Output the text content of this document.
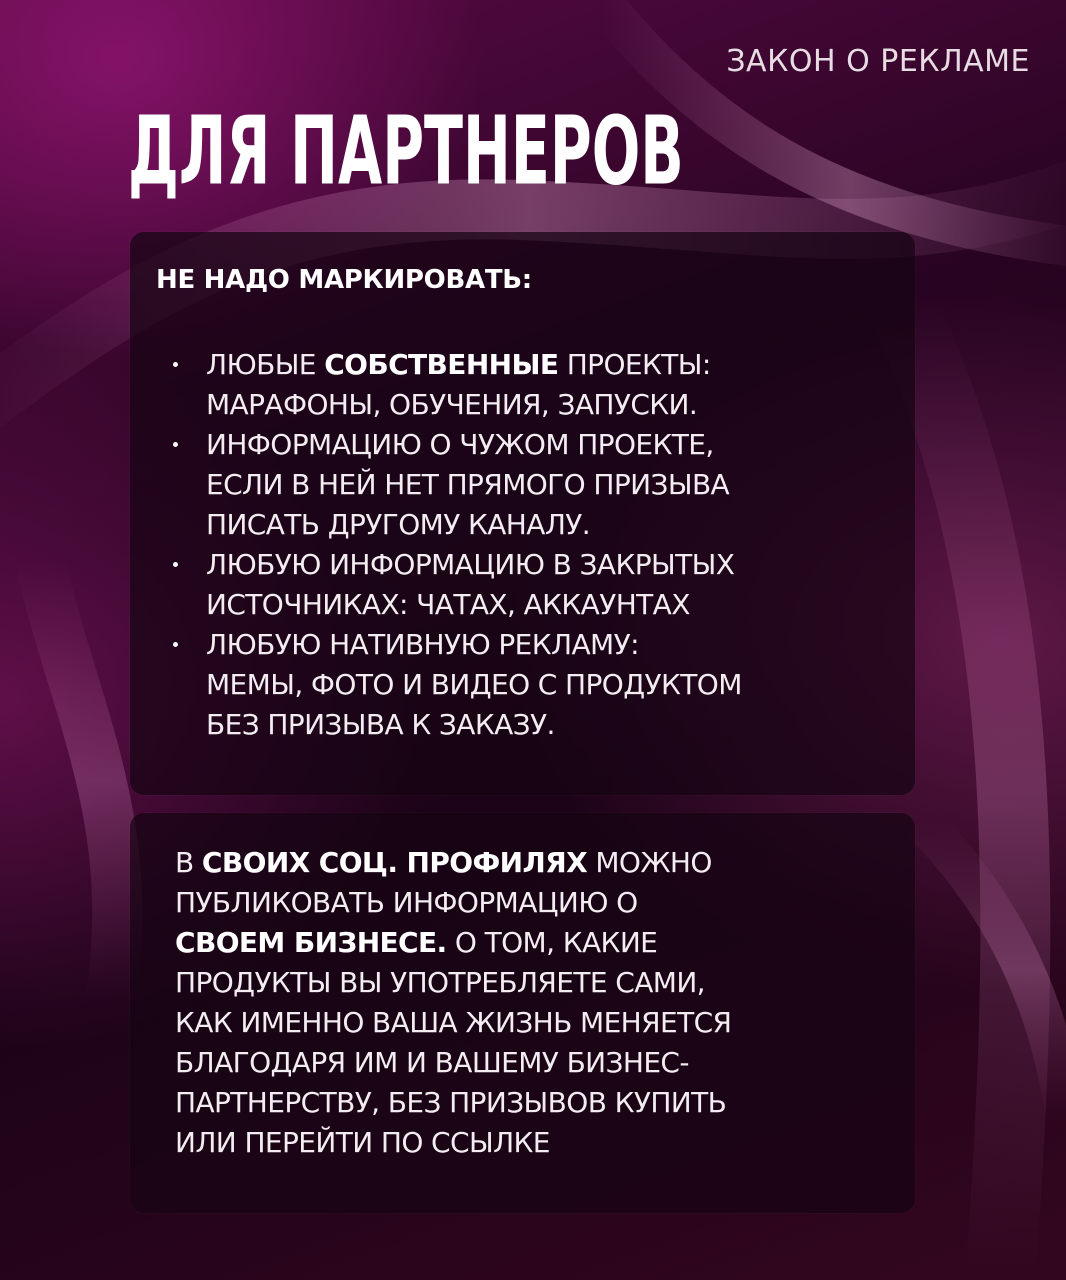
ЗАКОН О РЕКЛАМЕ
ДЛЯ ПАРТНЕРОВ
НЕ НАДО МАРКИРОВАТЬ:
ЛЮБЫЕ СОБСТВЕННЫЕ ПРОЕКТЫ:
МАРАФОНЫ, ОБУЧЕНИЯ, ЗАПУСКИ.
ИНФОРМАЦИЮ О ЧУЖОМ ПРОЕКТЕ,
ЕСЛИ В НЕЙ НЕТ ПРЯМОГО ПРИЗЫВА
ПИСАТЬ ДРУГОМУ КАНАЛУ.
ЛЮБУЮ ИНФОРМАЦИЮ В ЗАКРЫТЫХ
ИСТОЧНИКАХ: ЧАТАХ, АККАУНТАХ
ЛЮБУЮ НАТИВНУЮ РЕКЛАМУ:
МЕМЫ, ФОТО И ВИДЕО С ПРОДУКТОМ
БЕЗ ПРИЗЫВА К ЗАКАЗУ.
В СВОИХ СОЦ. ПРОФИЛЯХ МОЖНО
ПУБЛИКОВАТЬ ИНФОРМАЦИЮ О
СВОЕМ БИЗНЕСЕ. О ТОМ, КАКИЕ
ПРОДУКТЫ ВЫ УПОТРЕБЛЯЕТЕ САМИ,
КАК ИМЕННО ВАША ЖИЗНЬ МЕНЯЕТСЯ
БЛАГОДАРЯ ИМ И ВАШЕМУ БИЗНЕС-
ПАРТНЕРСТВУ, БЕЗ ПРИЗЫВОВ КУПИТЬ
ИЛИ ПЕРЕЙТИ ПО ССЫЛКЕ
